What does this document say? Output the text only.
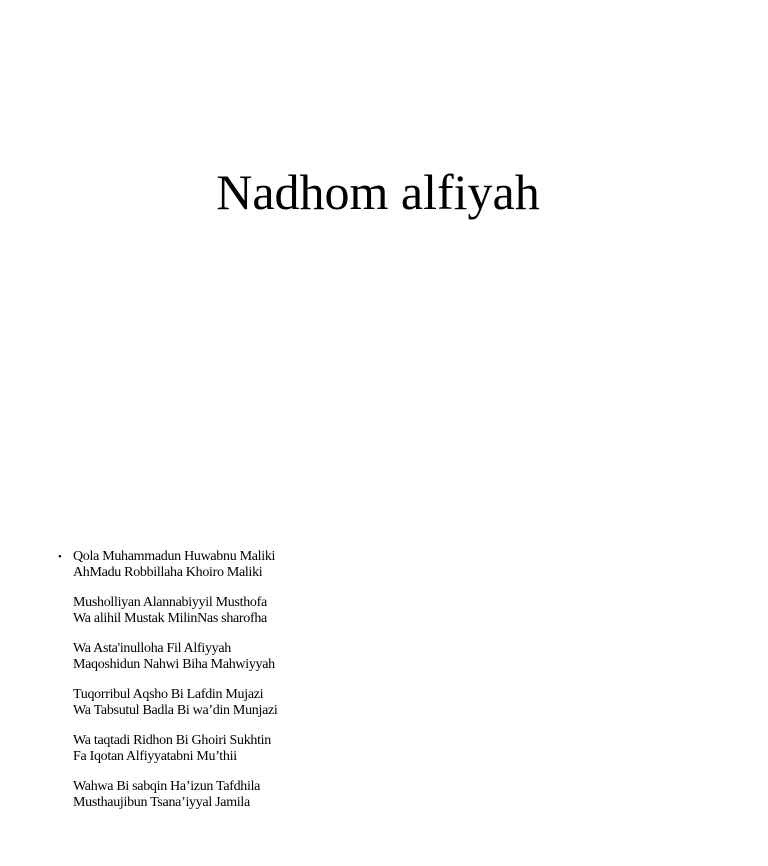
Nadhom alfiyah
• Qola Muhammadun Huwabnu Maliki
AhMadu Robbillaha Khoiro Maliki
Musholliyan Alannabiyyil Musthofa
Wa alihil Mustak MilinNas sharofha
Wa Asta'inulloha Fil Alfiyyah
Maqoshidun Nahwi Biha Mahwiyyah
Tuqorribul Aqsho Bi Lafdin Mujazi
Wa Tabsutul Badla Bi wa’din Munjazi
Wa taqtadi Ridhon Bi Ghoiri Sukhtin
Fa Iqotan Alfiyyatabni Mu’thii
Wahwa Bi sabqin Ha’izun Tafdhila
Musthaujibun Tsana’iyyal Jamila
